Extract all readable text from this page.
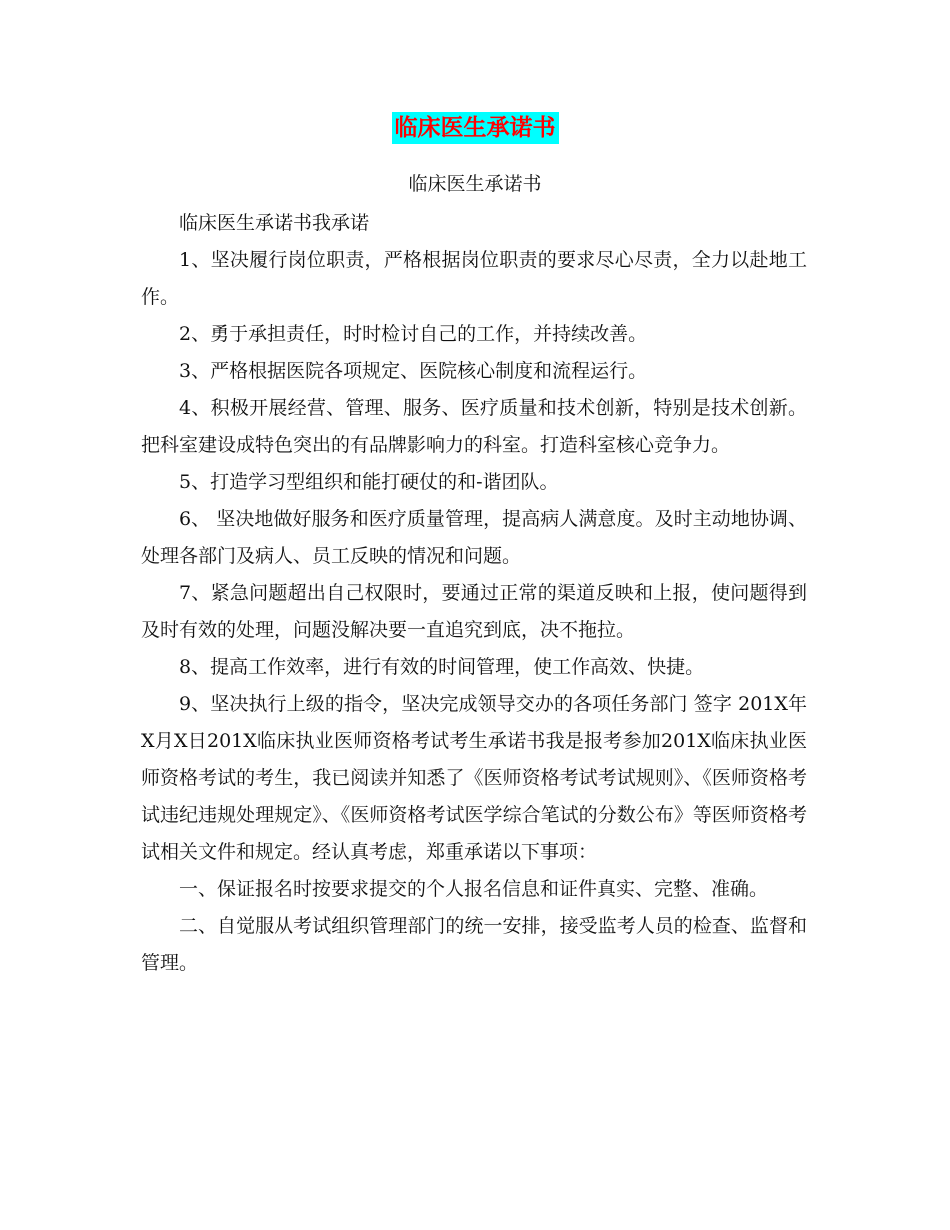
临床医生承诺书
临床医生承诺书

临床医生承诺书我承诺

1、坚决履行岗位职责，严格根据岗位职责的要求尽心尽责，全力以赴地工作。

2、勇于承担责任，时时检讨自己的工作，并持续改善。

3、严格根据医院各项规定、医院核心制度和流程运行。

4、积极开展经营、管理、服务、医疗质量和技术创新，特别是技术创新。把科室建设成特色突出的有品牌影响力的科室。打造科室核心竞争力。

5、打造学习型组织和能打硬仗的和-谐团队。

6、 坚决地做好服务和医疗质量管理，提高病人满意度。及时主动地协调、处理各部门及病人、员工反映的情况和问题。

7、紧急问题超出自己权限时，要通过正常的渠道反映和上报，使问题得到及时有效的处理，问题没解决要一直追究到底，决不拖拉。

8、提高工作效率，进行有效的时间管理，使工作高效、快捷。

9、坚决执行上级的指令，坚决完成领导交办的各项任务部门 签字 201X年X月X日201X临床执业医师资格考试考生承诺书我是报考参加201X临床执业医师资格考试的考生，我已阅读并知悉了《医师资格考试考试规则》、《医师资格考试违纪违规处理规定》、《医师资格考试医学综合笔试的分数公布》等医师资格考试相关文件和规定。经认真考虑，郑重承诺以下事项：

一、保证报名时按要求提交的个人报名信息和证件真实、完整、准确。

二、自觉服从考试组织管理部门的统一安排，接受监考人员的检查、监督和管理。
